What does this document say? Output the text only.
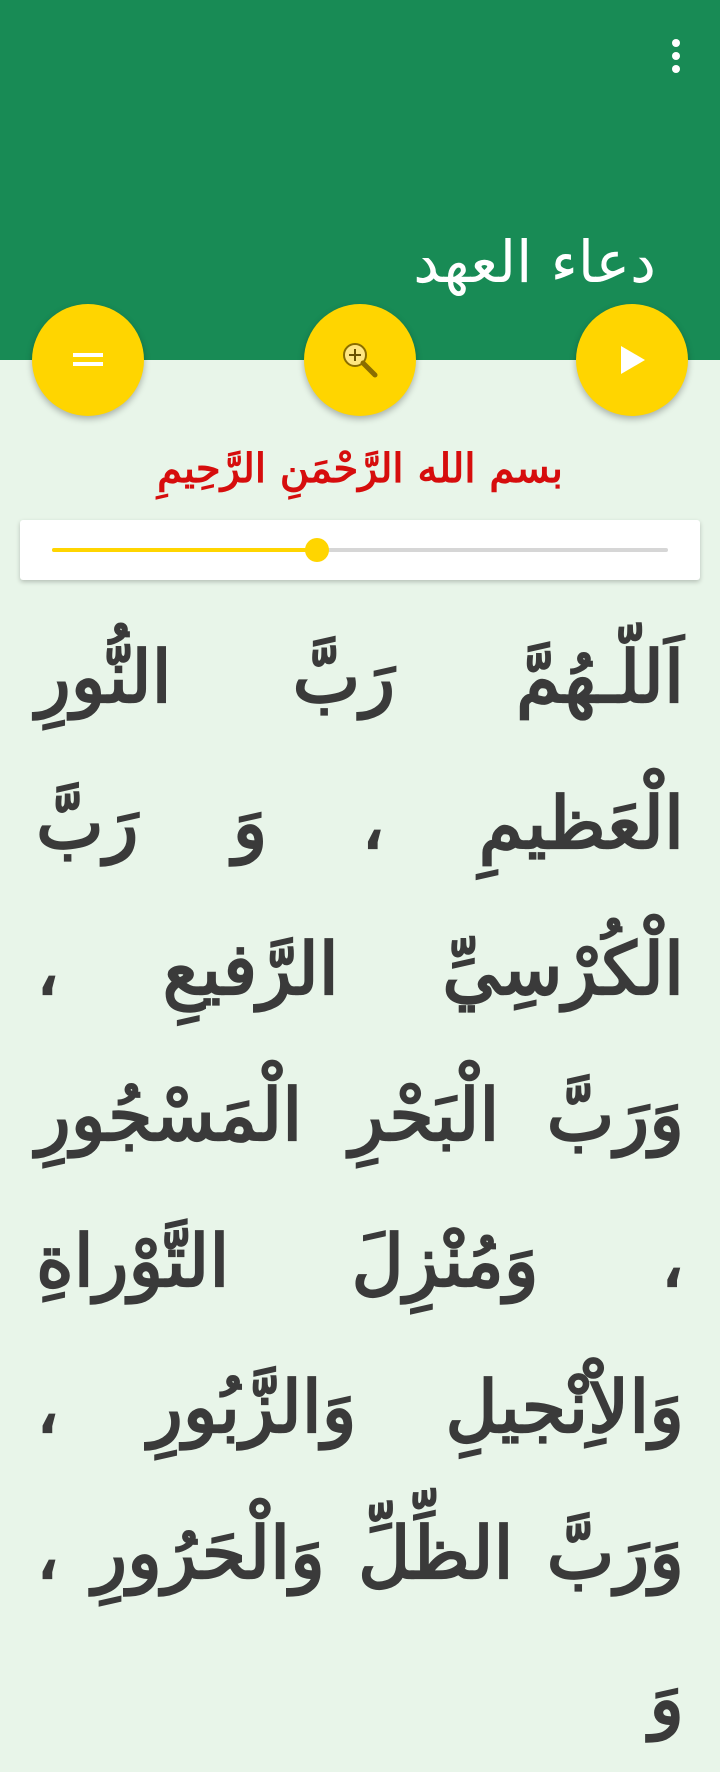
دعاء العهد
بسم الله الرَّحْمَنِ الرَّحِيمِ
اَللّـهُمَّ رَبَّ النُّورِ الْعَظيمِ ، وَ رَبَّ الْكُرْسِيِّ الرَّفيعِ ، وَرَبَّ الْبَحْرِ الْمَسْجُورِ ، وَمُنْزِلَ التَّوْراةِ وَالاِْنْجيلِ وَالزَّبُورِ ، وَرَبَّ الظِّلِّ وَالْحَرُورِ ، وَ
